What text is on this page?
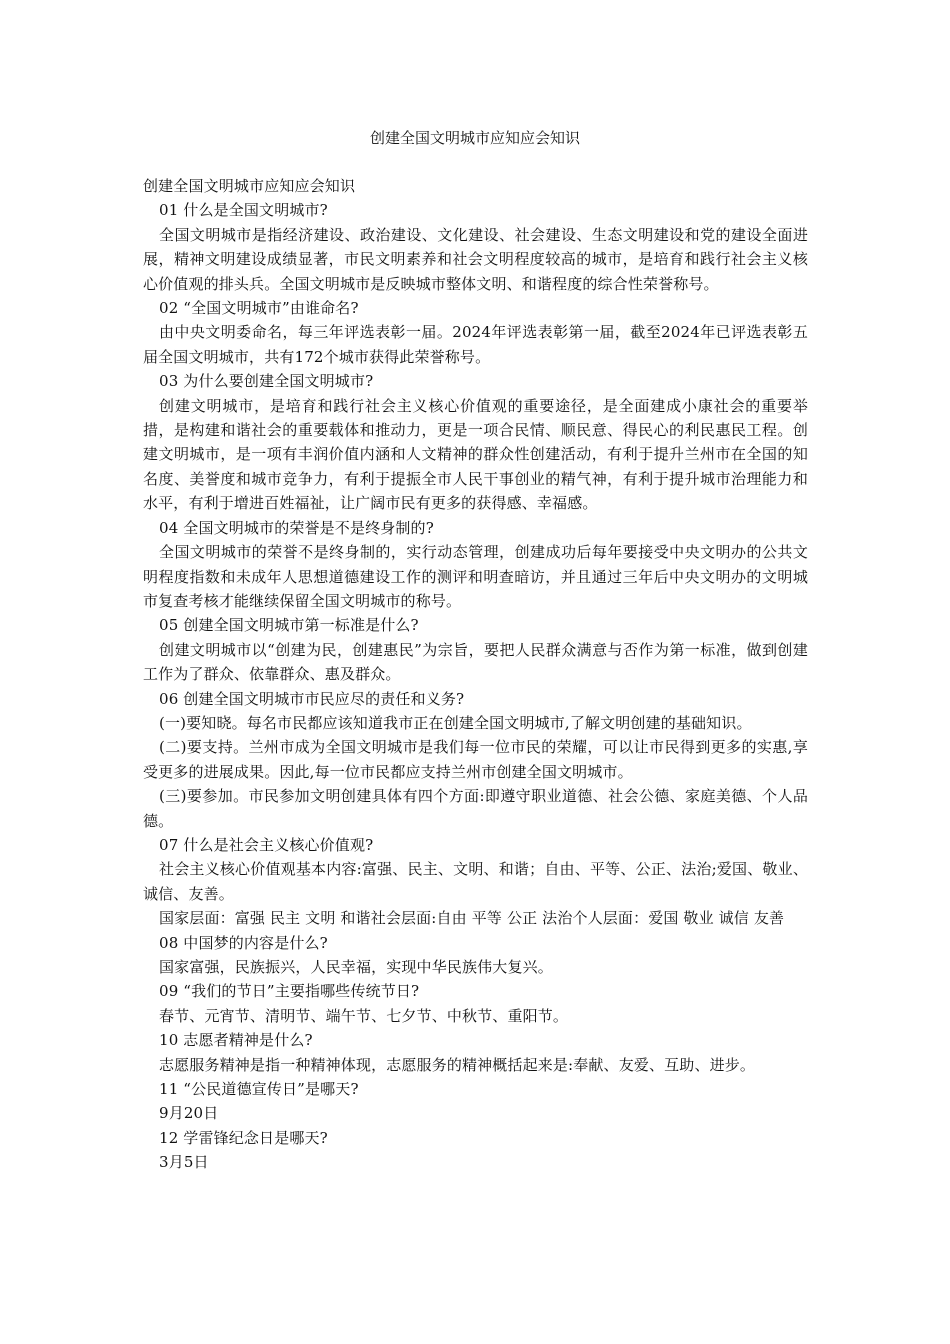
创建全国文明城市应知应会知识
创建全国文明城市应知应会知识
01 什么是全国文明城市?
全国文明城市是指经济建设、政治建设、文化建设、社会建设、生态文明建设和党的建设全面进展，精神文明建设成绩显著，市民文明素养和社会文明程度较高的城市，是培育和践行社会主义核心价值观的排头兵。全国文明城市是反映城市整体文明、和谐程度的综合性荣誉称号。
02 “全国文明城市”由谁命名?
由中央文明委命名，每三年评选表彰一届。2024年评选表彰第一届，截至2024年已评选表彰五届全国文明城市，共有172个城市获得此荣誉称号。
03 为什么要创建全国文明城市?
创建文明城市，是培育和践行社会主义核心价值观的重要途径，是全面建成小康社会的重要举措，是构建和谐社会的重要载体和推动力，更是一项合民情、顺民意、得民心的利民惠民工程。创建文明城市，是一项有丰润价值内涵和人文精神的群众性创建活动，有利于提升兰州市在全国的知名度、美誉度和城市竞争力，有利于提振全市人民干事创业的精气神，有利于提升城市治理能力和水平，有利于增进百姓福祉，让广阔市民有更多的获得感、幸福感。
04 全国文明城市的荣誉是不是终身制的?
全国文明城市的荣誉不是终身制的，实行动态管理，创建成功后每年要接受中央文明办的公共文明程度指数和未成年人思想道德建设工作的测评和明查暗访，并且通过三年后中央文明办的文明城市复查考核才能继续保留全国文明城市的称号。
05 创建全国文明城市第一标准是什么?
创建文明城市以“创建为民，创建惠民”为宗旨，要把人民群众满意与否作为第一标准，做到创建工作为了群众、依靠群众、惠及群众。
06 创建全国文明城市市民应尽的责任和义务?
(一)要知晓。每名市民都应该知道我市正在创建全国文明城市,了解文明创建的基础知识。
(二)要支持。兰州市成为全国文明城市是我们每一位市民的荣耀，可以让市民得到更多的实惠,享受更多的进展成果。因此,每一位市民都应支持兰州市创建全国文明城市。
(三)要参加。市民参加文明创建具体有四个方面:即遵守职业道德、社会公德、家庭美德、个人品德。
07 什么是社会主义核心价值观?
社会主义核心价值观基本内容:富强、民主、文明、和谐；自由、平等、公正、法治;爱国、敬业、诚信、友善。
国家层面：富强 民主 文明 和谐社会层面:自由 平等 公正 法治个人层面：爱国 敬业 诚信 友善
08 中国梦的内容是什么?
国家富强，民族振兴，人民幸福，实现中华民族伟大复兴。
09 “我们的节日”主要指哪些传统节日?
春节、元宵节、清明节、端午节、七夕节、中秋节、重阳节。
10 志愿者精神是什么?
志愿服务精神是指一种精神体现，志愿服务的精神概括起来是:奉献、友爱、互助、进步。
11 “公民道德宣传日”是哪天?
9月20日
12 学雷锋纪念日是哪天?
3月5日
